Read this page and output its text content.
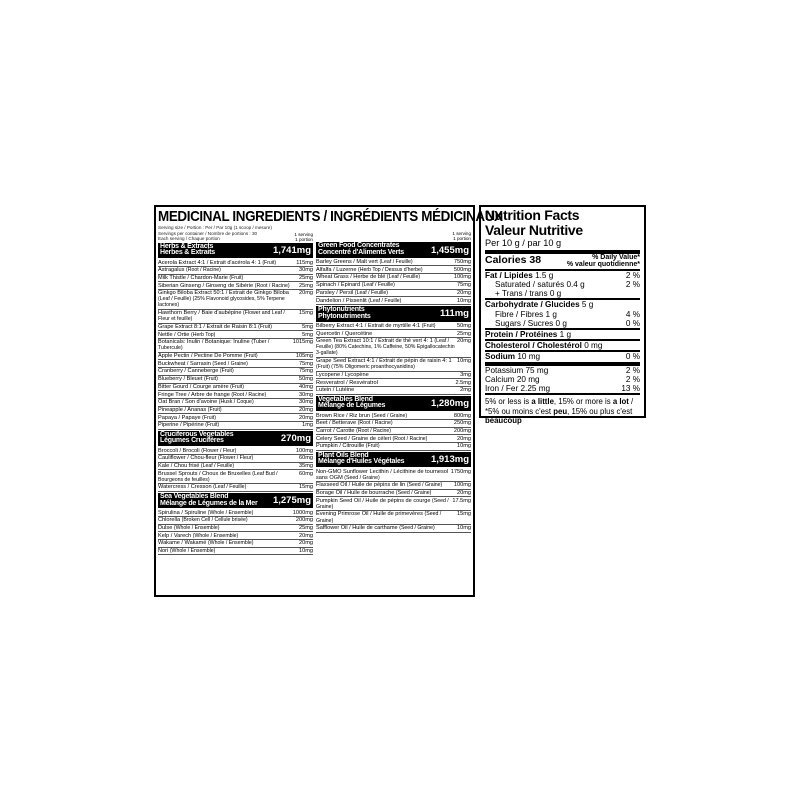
MEDICINAL INGREDIENTS / INGRÉDIENTS MÉDICINAUX
Serving size / Portion : Per / Par 10g (1 scoop / mesure)
Servings per container / Nombre de portions : 30
Each serving / Chaque portion
1 serving
1 portion
Herbs & Extracts
Herbes & Extraits	1,741mg
Acerola Extract 4:1 / Extrait d'acérola 4: 1 (Fruit)	115mg
Astragalus (Root / Racine)	30mg
Milk Thistle / Chardon-Marie (Fruit)	25mg
Siberian Ginseng / Ginseng de Sibérie (Root / Racine)	25mg
Ginkgo Biloba Extract 50:1 / Extrait de Ginkgo Biloba (Leaf / Feuille) (25% Flavonoid glycosides, 5% Terpene lactones)
20mg
Hawthorn Berry / Baie d'aubépine (Flower and Leaf / Fleur et feuille)
15mg
Grape Extract 8:1 / Extrait de Raisin 8:1 (Fruit)	5mg
Nettle / Ortie (Herb Top)	5mg
Botanicals: Inulin / Botanique: Inuline (Tuber / Tubercule)
1015mg
Apple Pectin / Pectine De Pomme (Fruit)	105mg
Buckwheat / Sarrasin (Seed / Graine)	75mg
Cranberry / Canneberge (Fruit)	75mg
Blueberry / Bleuet (Fruit)	50mg
Bitter Gourd / Courge amère (Fruit)	40mg
Fringe Tree / Arbre de frange (Root / Racine)	30mg
Oat Bran / Son d'avoine (Husk / Coque)	30mg
Pineapple / Ananas (Fruit)	20mg
Papaya / Papaye (Fruit)	20mg
Piperine / Pipérine (Fruit)	1mg
Cruciferous Vegetables
Légumes Crucifères	270mg
Broccoli / Brocoli (Flower / Fleur)	100mg
Cauliflower / Chou-fleur (Flower / Fleur)	60mg
Kale / Chou frisé (Leaf / Feuille)	35mg
Brussel Sprouts / Choux de Bruxelles (Leaf Bud / Bourgeons de feuilles)
60mg
Watercress / Cresson (Leaf / Feuille)	15mg
Sea Vegetables Blend
Mélange de Légumes de la Mer 1,275mg
Spirulina / Spiruline (Whole / Ensemble)	1000mg
Chlorella (Broken Cell / Cellule brisée)	200mg
Dulse (Whole / Ensemble)	25mg
Kelp / Varech (Whole / Ensemble)	20mg
Wakame / Wakamé (Whole / Ensemble)	20mg
Nori (Whole / Ensemble)	10mg
1 serving
1 portion
Green Food Concentrates
Concentré d'Aliments Verts	1,455mg
Barley Greens / Malt vert (Leaf / Feuille)	750mg
Alfalfa / Luzerne (Herb Top / Dessus d'herbe)	500mg
Wheat Grass / Herbe de blé (Leaf / Feuille)	100mg
Spinach / Épinard (Leaf / Feuille)	75mg
Parsley / Persil (Leaf / Feuille)	20mg
Dandelion / Pissenlit (Leaf / Feuille)	10mg
Phytonutrients
Phytonutriments	111mg
Bilberry Extract 4:1 / Extrait de myrtille 4:1 (Fruit)	50mg
Quercetin / Quercétine	25mg
Green Tea Extract 10:1 / Extrait de thé vert 4: 1 (Leaf / Feuille) (80% Catechins, 1% Caffeine, 50% Epigallocatechin 3-gallate)
20mg
Grape Seed Extract 4:1 / Extrait de pépin de raisin 4: 1 (Fruit) (75% Oligomeric proanthocyanidins)
10mg
Lycopene / Lycopène	3mg
Resveratrol / Resvératrol	2.5mg
Lutein / Lutéine	2mg
Vegetables Blend
Mélange de Légumes	1,280mg
Brown Rice / Riz brun (Seed / Graine)	800mg
Beet / Betterave (Root / Racine)	250mg
Carrot / Carotte (Root / Racine)	200mg
Celery Seed / Graine de céleri (Root / Racine)	20mg
Pumpkin / Citrouille (Fruit)	10mg
Plant Oils Blend
Mélange d'Huiles Végétales	1,913mg
Non-GMO Sunflower Lecithin / Lécithine de tournesol sans OGM (Seed / Graine)
1750mg
Flaxseed Oil / Huile de pépins de lin (Seed / Graine)	100mg
Borage Oil / Huile de bourrache (Seed / Graine)	20mg
Pumpkin Seed Oil / Huile de pépins de courge (Seed / Graine)
17.5mg
Evening Primrose Oil / Huile de primevères (Seed / Graine)
15mg
Safflower Oil / Huile de carthame (Seed / Graine)	10mg
Nutrition Facts
Valeur Nutritive
Per 10 g / par 10 g
Calories 38	% Daily Value*
% valeur quotidienne*
Fat / Lipides 1.5 g	2 %
Saturated / saturés 0.4 g	2 %
+ Trans / trans 0 g
Carbohydrate / Glucides 5 g
Fibre / Fibres 1 g	4 %
Sugars / Sucres 0 g	0 %
Protein / Protéines 1 g
Cholesterol / Cholestérol 0 mg
Sodium 10 mg	0 %
Potassium 75 mg	2 %
Calcium 20 mg	2 %
Iron / Fer 2.25 mg	13 %
5% or less is a little, 15% or more is a lot / *5% ou moins c'est peu, 15% ou plus c'est beaucoup
